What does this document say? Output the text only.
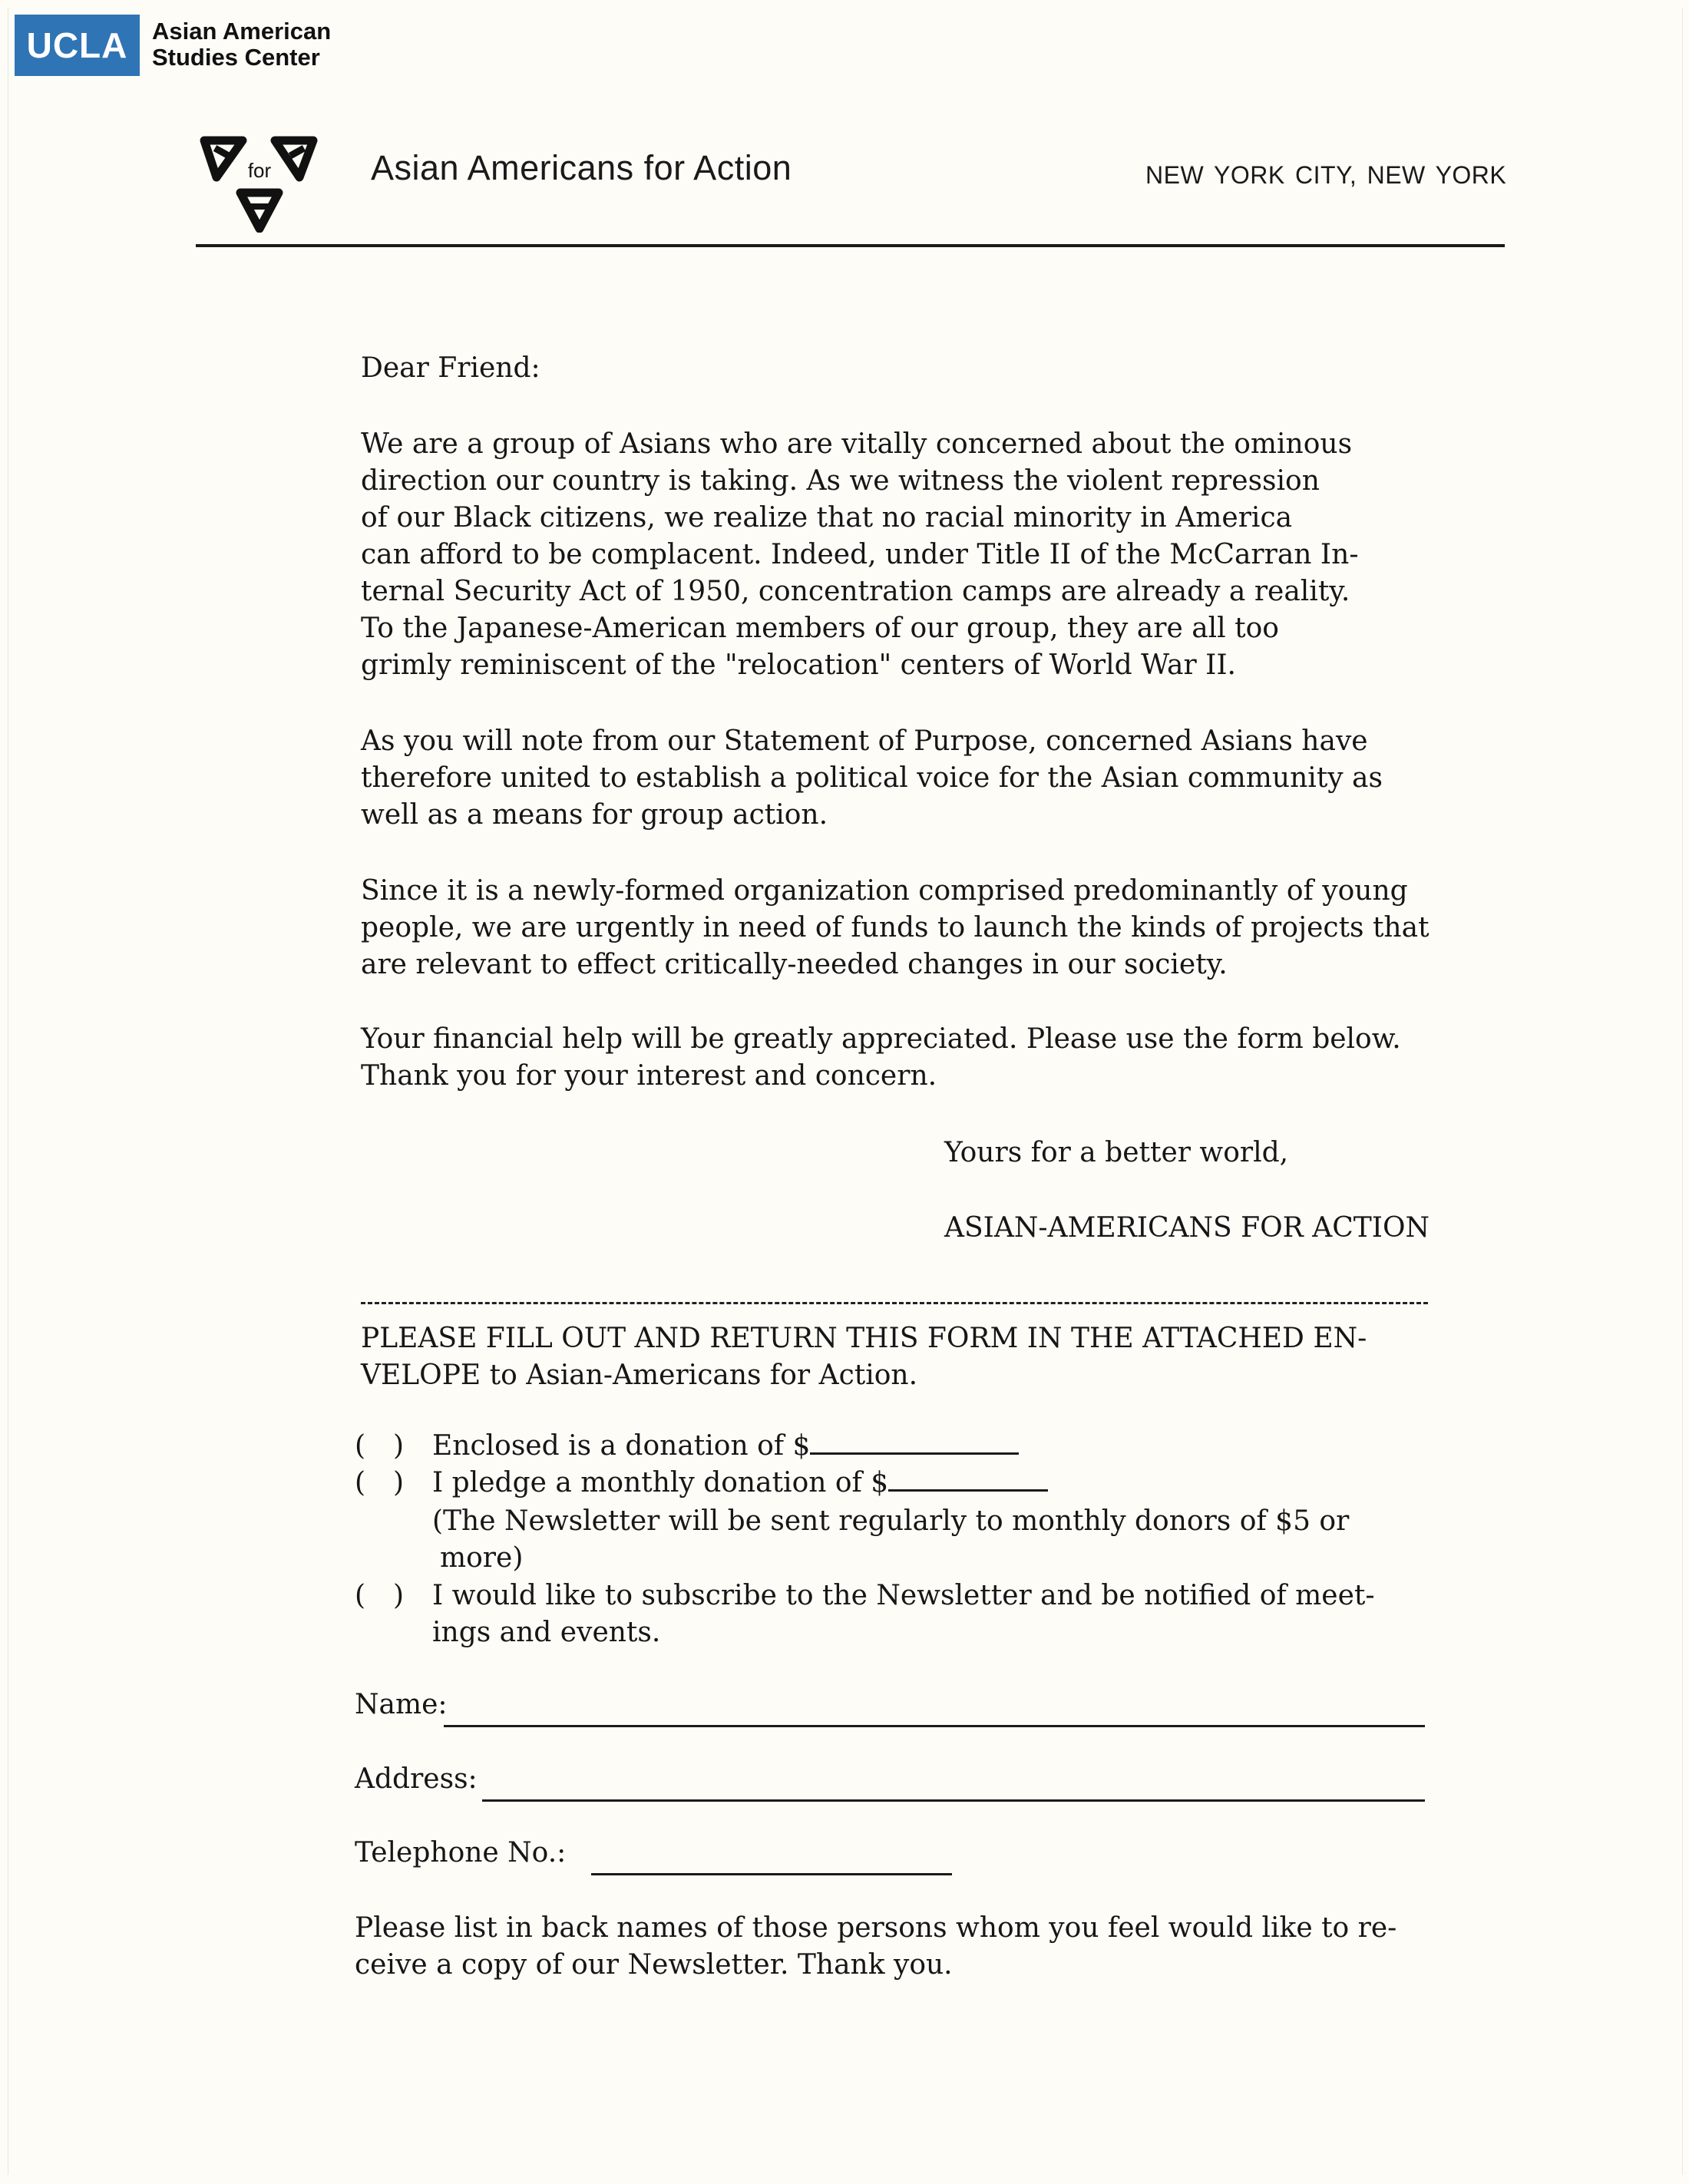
UCLA Asian American
Studies Center
for	Asian Americans for Action	NEW YORK CITY, NEW YORK
Dear Friend:
We are a group of Asians who are vitally concerned about the ominous
direction our country is taking. As we witness the violent repression
of our Black citizens, we realize that no racial minority in America
can afford to be complacent. Indeed, under Title II of the McCarran In-
ternal Security Act of 1950, concentration camps are already a reality.
To the Japanese-American members of our group, they are all too
grimly reminiscent of the "relocation" centers of World War II.
As you will note from our Statement of Purpose, concerned Asians have
therefore united to establish a political voice for the Asian community as
well as a means for group action.
Since it is a newly-formed organization comprised predominantly of young
people, we are urgently in need of funds to launch the kinds of projects that
are relevant to effect critically-needed changes in our society.
Your financial help will be greatly appreciated. Please use the form below.
Thank you for your interest and concern.
Yours for a better world,
ASIAN-AMERICANS FOR ACTION
PLEASE FILL OUT AND RETURN THIS FORM IN THE ATTACHED EN-
VELOPE to Asian-Americans for Action.
( ) Enclosed is a donation of $
( ) I pledge a monthly donation of $
(The Newsletter will be sent regularly to monthly donors of $5 or
more)
( ) I would like to subscribe to the Newsletter and be notified of meet-
ings and events.
Name:
Address:
Telephone No.:
Please list in back names of those persons whom you feel would like to re-
ceive a copy of our Newsletter. Thank you.
